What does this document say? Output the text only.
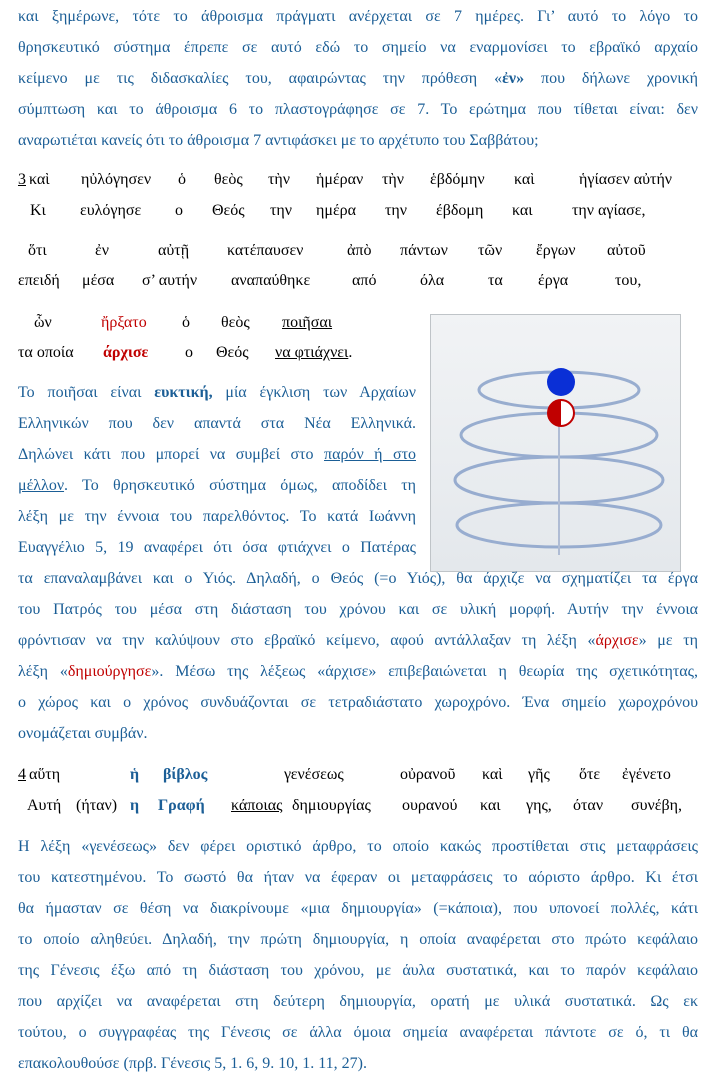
και ξημέρωνε, τότε το άθροισμα πράγματι ανέρχεται σε 7 ημέρες. Γι’ αυτό το λόγο το
θρησκευτικό σύστημα έπρεπε σε αυτό εδώ το σημείο να εναρμονίσει το εβραϊκό αρχαίο
κείμενο με τις διδασκαλίες του, αφαιρώντας την πρόθεση «ἐν» που δήλωνε χρονική
σύμπτωση και το άθροισμα 6 το πλαστογράφησε σε 7. Το ερώτημα που τίθεται είναι: δεν
αναρωτιέται κανείς ότι το άθροισμα 7 αντιφάσκει με το αρχέτυπο του Σαββάτου;
3 καὶ ηὐλόγησεν ὁ θεὸς τὴν ἡμέραν τὴν ἑβδόμην καὶ	ἡγίασεν αὐτήν
Κι ευλόγησε ο Θεός την ημέρα την έβδομη και την αγίασε,
ὅτι	ἐν	αὐτῇ κατέπαυσεν	ἀπὸ πάντων τῶν ἔργων αὐτοῦ
επειδή μέσα σ’ αυτήν αναπαύθηκε	από	όλα	τα έργα	του,
ὧν	ἤρξατο ὁ θεὸς ποιῆσαι
τα οποία άρχισε ο Θεός να φτιάχνει.
Το ποιῆσαι είναι ευκτική, μία έγκλιση των Αρχαίων
Ελληνικών που δεν απαντά στα Νέα Ελληνικά.
Δηλώνει κάτι που μπορεί να συμβεί στο παρόν ή στο
μέλλον. Το θρησκευτικό σύστημα όμως, αποδίδει τη
λέξη με την έννοια του παρελθόντος. Το κατά Ιωάννη
Ευαγγέλιο 5, 19 αναφέρει ότι όσα φτιάχνει ο Πατέρας
τα επαναλαμβάνει και ο Υιός. Δηλαδή, ο Θεός (=ο Υιός), θα άρχιζε να σχηματίζει τα έργα
του Πατρός του μέσα στη διάσταση του χρόνου και σε υλική μορφή. Αυτήν την έννοια
φρόντισαν να την καλύψουν στο εβραϊκό κείμενο, αφού αντάλλαξαν τη λέξη «άρχισε» με τη
λέξη «δημιούργησε». Μέσω της λέξεως «άρχισε» επιβεβαιώνεται η θεωρία της σχετικότητας,
ο χώρος και ο χρόνος συνδυάζονται σε τετραδιάστατο χωροχρόνο. Ένα σημείο χωροχρόνου
ονομάζεται συμβάν.
4 αὕτη	ἡ βίβλος	γενέσεως	οὐρανοῦ καὶ γῆς ὅτε ἐγένετο
Αυτή (ήταν) η Γραφή κάποιας δημιουργίας ουρανού και γης, όταν συνέβη,
Η λέξη «γενέσεως» δεν φέρει οριστικό άρθρο, το οποίο κακώς προστίθεται στις μεταφράσεις
του κατεστημένου. Το σωστό θα ήταν να έφεραν οι μεταφράσεις το αόριστο άρθρο. Κι έτσι
θα ήμασταν σε θέση να διακρίνουμε «μια δημιουργία» (=κάποια), που υπονοεί πολλές, κάτι
το οποίο αληθεύει. Δηλαδή, την πρώτη δημιουργία, η οποία αναφέρεται στο πρώτο κεφάλαιο
της Γένεσις έξω από τη διάσταση του χρόνου, με άυλα συστατικά, και το παρόν κεφάλαιο
που αρχίζει να αναφέρεται στη δεύτερη δημιουργία, ορατή με υλικά συστατικά. Ως εκ
τούτου, ο συγγραφέας της Γένεσις σε άλλα όμοια σημεία αναφέρεται πάντοτε σε ό, τι θα
επακολουθούσε (πρβ. Γένεσις 5, 1. 6, 9. 10, 1. 11, 27).
